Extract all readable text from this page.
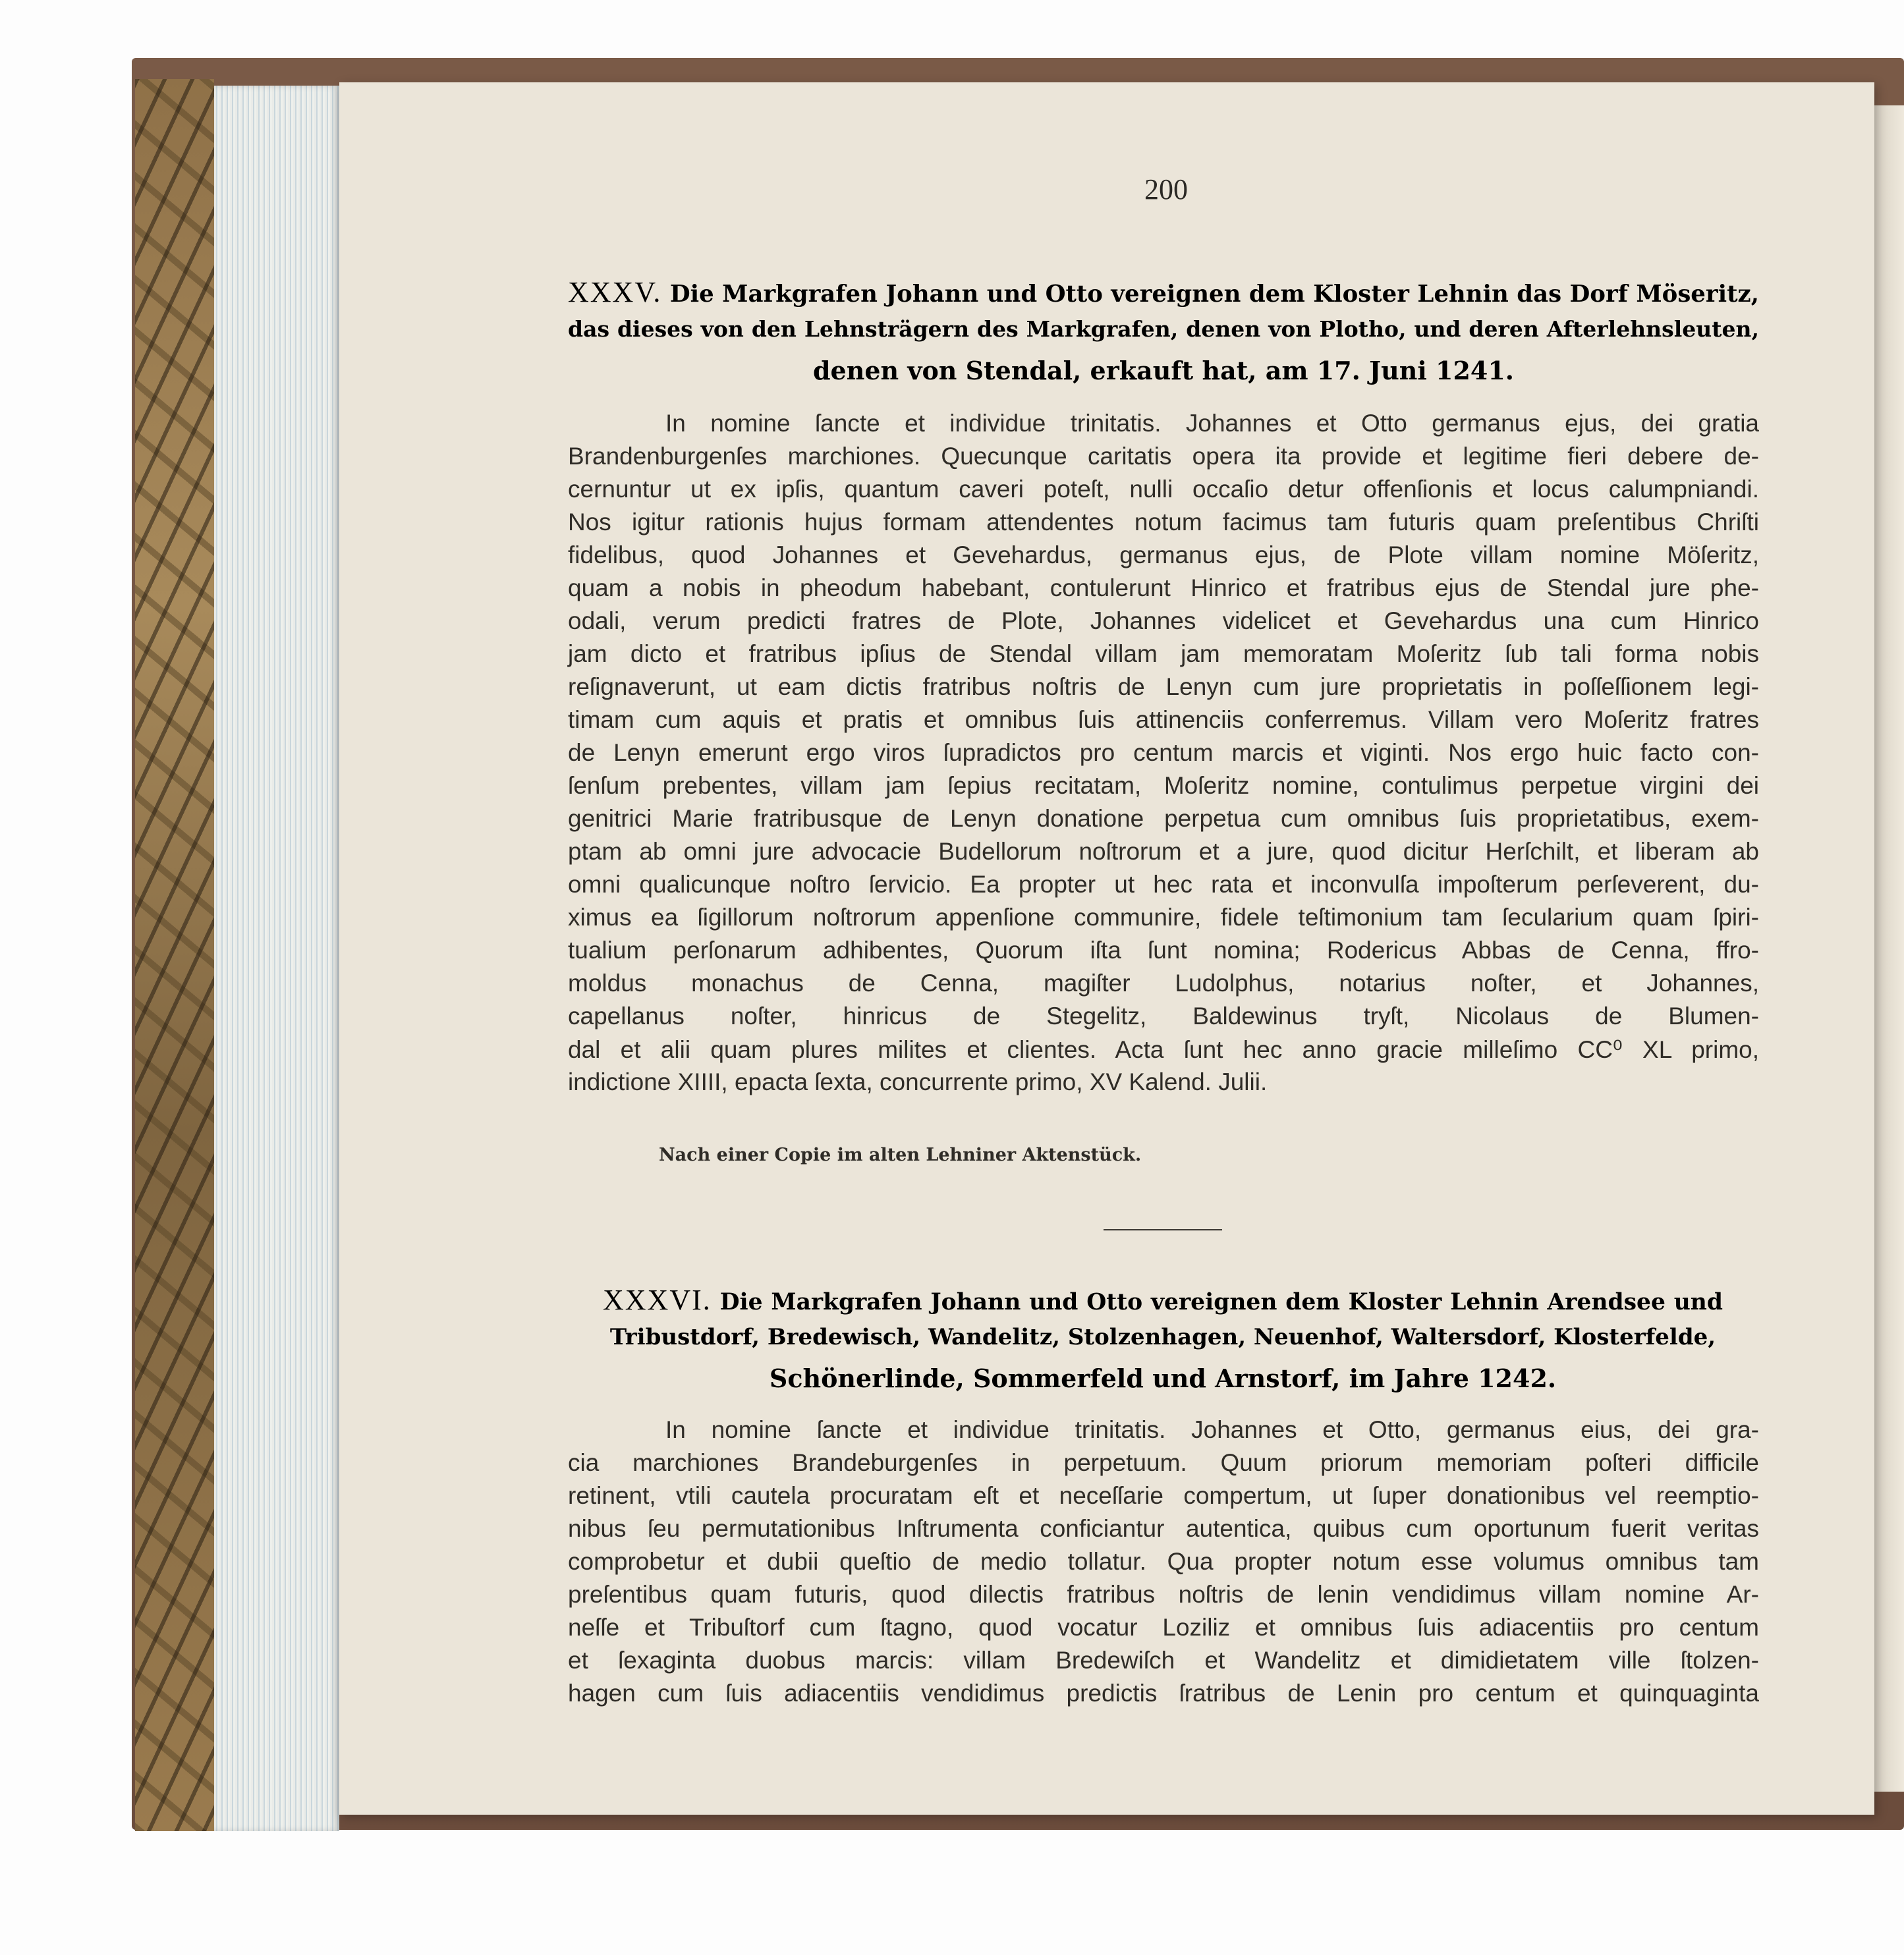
200
XXXV. Die Markgrafen Johann und Otto vereignen dem Kloster Lehnin das Dorf Möseritz,
das dieses von den Lehnsträgern des Markgrafen, denen von Plotho, und deren Afterlehnsleuten,
denen von Stendal, erkauft hat, am 17. Juni 1241.
In nomine ſancte et individue trinitatis. Johannes et Otto germanus ejus, dei gratia
Brandenburgenſes marchiones. Quecunque caritatis opera ita provide et legitime fieri debere de-
cernuntur ut ex ipſis, quantum caveri poteſt, nulli occaſio detur offenſionis et locus calumpniandi.
Nos igitur rationis hujus formam attendentes notum facimus tam futuris quam preſentibus Chriſti
fidelibus, quod Johannes et Gevehardus, germanus ejus, de Plote villam nomine Möſeritz,
quam a nobis in pheodum habebant, contulerunt Hinrico et fratribus ejus de Stendal jure phe-
odali, verum predicti fratres de Plote, Johannes videlicet et Gevehardus una cum Hinrico
jam dicto et fratribus ipſius de Stendal villam jam memoratam Moſeritz ſub tali forma nobis
reſignaverunt, ut eam dictis fratribus noſtris de Lenyn cum jure proprietatis in poſſeſſionem legi-
timam cum aquis et pratis et omnibus ſuis attinenciis conferremus. Villam vero Moſeritz fratres
de Lenyn emerunt ergo viros ſupradictos pro centum marcis et viginti. Nos ergo huic facto con-
ſenſum prebentes, villam jam ſepius recitatam, Moſeritz nomine, contulimus perpetue virgini dei
genitrici Marie fratribusque de Lenyn donatione perpetua cum omnibus ſuis proprietatibus, exem-
ptam ab omni jure advocacie Budellorum noſtrorum et a jure, quod dicitur Herſchilt, et liberam ab
omni qualicunque noſtro ſervicio. Ea propter ut hec rata et inconvulſa impoſterum perſeverent, du-
ximus ea ſigillorum noſtrorum appenſione communire, fidele teſtimonium tam ſecularium quam ſpiri-
tualium perſonarum adhibentes, Quorum iſta ſunt nomina; Rodericus Abbas de Cenna, ffro-
moldus monachus de Cenna, magiſter Ludolphus, notarius noſter, et Johannes,
capellanus noſter, hinricus de Stegelitz, Baldewinus tryſt, Nicolaus de Blumen-
dal et alii quam plures milites et clientes. Acta ſunt hec anno gracie milleſimo CC⁰ XL primo,
indictione XIIII, epacta ſexta, concurrente primo, XV Kalend. Julii.
Nach einer Copie im alten Lehniner Aktenstück.
XXXVI. Die Markgrafen Johann und Otto vereignen dem Kloster Lehnin Arendsee und
Tribustdorf, Bredewisch, Wandelitz, Stolzenhagen, Neuenhof, Waltersdorf, Klosterfelde,
Schönerlinde, Sommerfeld und Arnstorf, im Jahre 1242.
In nomine ſancte et individue trinitatis. Johannes et Otto, germanus eius, dei gra-
cia marchiones Brandeburgenſes in perpetuum. Quum priorum memoriam poſteri difficile
retinent, vtili cautela procuratam eſt et neceſſarie compertum, ut ſuper donationibus vel reemptio-
nibus ſeu permutationibus Inſtrumenta conficiantur autentica, quibus cum oportunum fuerit veritas
comprobetur et dubii queſtio de medio tollatur. Qua propter notum esse volumus omnibus tam
preſentibus quam futuris, quod dilectis fratribus noſtris de lenin vendidimus villam nomine Ar-
neſſe et Tribuſtorf cum ſtagno, quod vocatur Loziliz et omnibus ſuis adiacentiis pro centum
et ſexaginta duobus marcis: villam Bredewiſch et Wandelitz et dimidietatem ville ſtolzen-
hagen cum ſuis adiacentiis vendidimus predictis ſratribus de Lenin pro centum et quinquaginta
